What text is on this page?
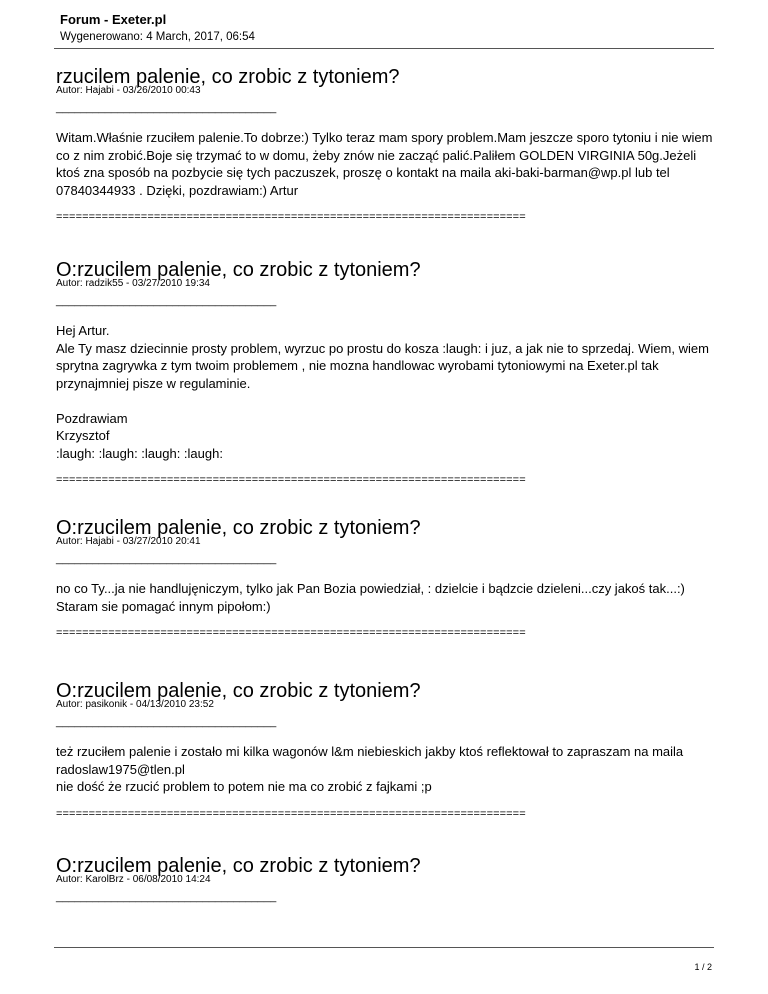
Forum - Exeter.pl
Wygenerowano: 4 March, 2017, 06:54
rzucilem palenie, co zrobic z tytoniem?
Autor: Hajabi - 03/26/2010 00:43
____________________________________

Witam.Właśnie rzuciłem palenie.To dobrze:) Tylko teraz mam spory problem.Mam jeszcze sporo tytoniu i nie wiem co z nim zrobić.Boje się trzymać to w domu, żeby znów nie zacząć palić.Paliłem GOLDEN VIRGINIA 50g.Jeżeli ktoś zna sposób na pozbycie się tych paczuszek, proszę o kontakt na maila aki-baki-barman@wp.pl lub tel 07840344933 . Dzięki, pozdrawiam:) Artur

========================================================================
O:rzucilem palenie, co zrobic z tytoniem?
Autor: radzik55 - 03/27/2010 19:34
____________________________________

Hej Artur.

Ale Ty masz dziecinnie prosty problem, wyrzuc po prostu do kosza :laugh: i juz, a jak nie to sprzedaj. Wiem, wiem sprytna zagrywka z tym twoim problemem , nie mozna handlowac wyrobami tytoniowymi na Exeter.pl tak przynajmniej pisze w regulaminie.

Pozdrawiam

Krzysztof

:laugh: :laugh: :laugh: :laugh:

========================================================================
O:rzucilem palenie, co zrobic z tytoniem?
Autor: Hajabi - 03/27/2010 20:41
____________________________________

no co Ty...ja nie handlujęniczym, tylko jak Pan Bozia powiedział, : dzielcie i bądzcie dzieleni...czy jakoś tak...:) Staram sie pomagać innym pipołom:)

========================================================================
O:rzucilem palenie, co zrobic z tytoniem?
Autor: pasikonik - 04/13/2010 23:52
____________________________________

też rzuciłem palenie i zostało mi kilka wagonów l&m niebieskich jakby ktoś reflektował to zapraszam na maila radoslaw1975@tlen.pl

nie dość że rzucić problem to potem nie ma co zrobić z fajkami ;p

========================================================================
O:rzucilem palenie, co zrobic z tytoniem?
Autor: KarolBrz - 06/08/2010 14:24
____________________________________
1 / 2
